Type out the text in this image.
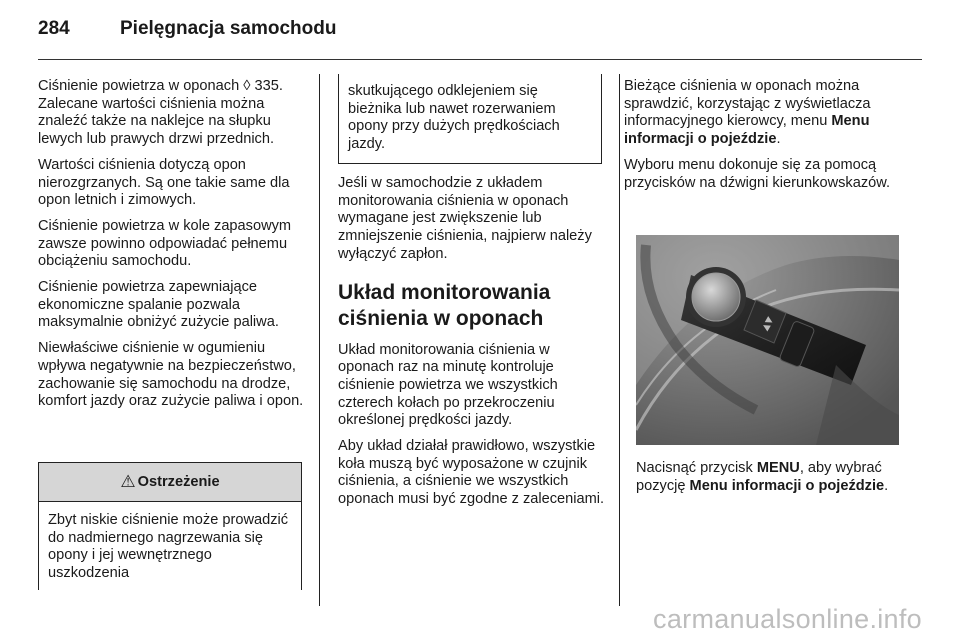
284	Pielęgnacja samochodu

Ciśnienie powietrza w oponach ◊ 335. Zalecane wartości ciśnienia można znaleźć także na naklejce na słupku lewych lub prawych drzwi przednich.

Wartości ciśnienia dotyczą opon nierozgrzanych. Są one takie same dla opon letnich i zimowych.

Ciśnienie powietrza w kole zapasowym zawsze powinno odpowiadać pełnemu obciążeniu samochodu.

Ciśnienie powietrza zapewniające ekonomiczne spalanie pozwala maksymalnie obniżyć zużycie paliwa.

Niewłaściwe ciśnienie w ogumieniu wpływa negatywnie na bezpieczeństwo, zachowanie się samochodu na drodze, komfort jazdy oraz zużycie paliwa i opon.

⚠ Ostrzeżenie
Zbyt niskie ciśnienie może prowadzić do nadmiernego nagrzewania się opony i jej wewnętrznego uszkodzenia
skutkującego odklejeniem się bieżnika lub nawet rozerwaniem opony przy dużych prędkościach jazdy.

Jeśli w samochodzie z układem monitorowania ciśnienia w oponach wymagane jest zwiększenie lub zmniejszenie ciśnienia, najpierw należy wyłączyć zapłon.

Układ monitorowania ciśnienia w oponach

Układ monitorowania ciśnienia w oponach raz na minutę kontroluje ciśnienie powietrza we wszystkich czterech kołach po przekroczeniu określonej prędkości jazdy.

Aby układ działał prawidłowo, wszystkie koła muszą być wyposażone w czujnik ciśnienia, a ciśnienie we wszystkich oponach musi być zgodne z zaleceniami.

Bieżące ciśnienia w oponach można sprawdzić, korzystając z wyświetlacza informacyjnego kierowcy, menu Menu informacji o pojeździe.

Wyboru menu dokonuje się za pomocą przycisków na dźwigni kierunkowskazów.

▲▼
Nacisnąć przycisk MENU, aby wybrać pozycję Menu informacji o pojeździe.
carmanualsonline.info
